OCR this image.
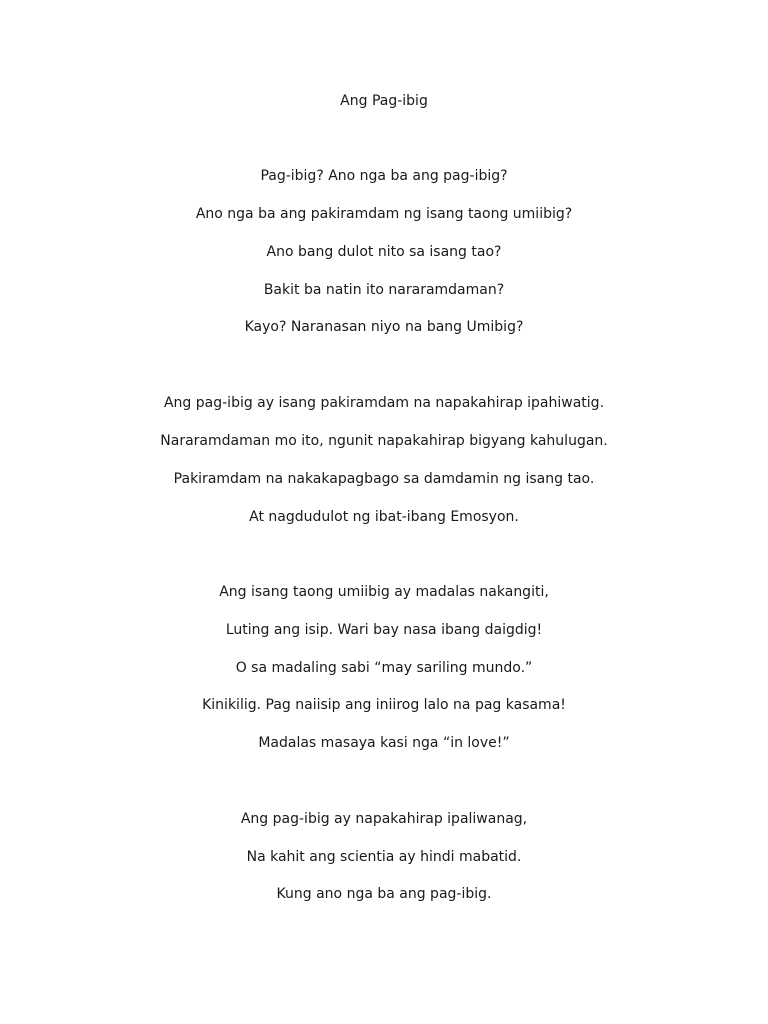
Ang Pag-ibig
Pag-ibig? Ano nga ba ang pag-ibig?
Ano nga ba ang pakiramdam ng isang taong umiibig?
Ano bang dulot nito sa isang tao?
Bakit ba natin ito nararamdaman?
Kayo? Naranasan niyo na bang Umibig?
Ang pag-ibig ay isang pakiramdam na napakahirap ipahiwatig.
Nararamdaman mo ito, ngunit napakahirap bigyang kahulugan.
Pakiramdam na nakakapagbago sa damdamin ng isang tao.
At nagdudulot ng ibat-ibang Emosyon.
Ang isang taong umiibig ay madalas nakangiti,
Luting ang isip. Wari bay nasa ibang daigdig!
O sa madaling sabi “may sariling mundo.”
Kinikilig. Pag naiisip ang iniirog lalo na pag kasama!
Madalas masaya kasi nga “in love!”
Ang pag-ibig ay napakahirap ipaliwanag,
Na kahit ang scientia ay hindi mabatid.
Kung ano nga ba ang pag-ibig.
